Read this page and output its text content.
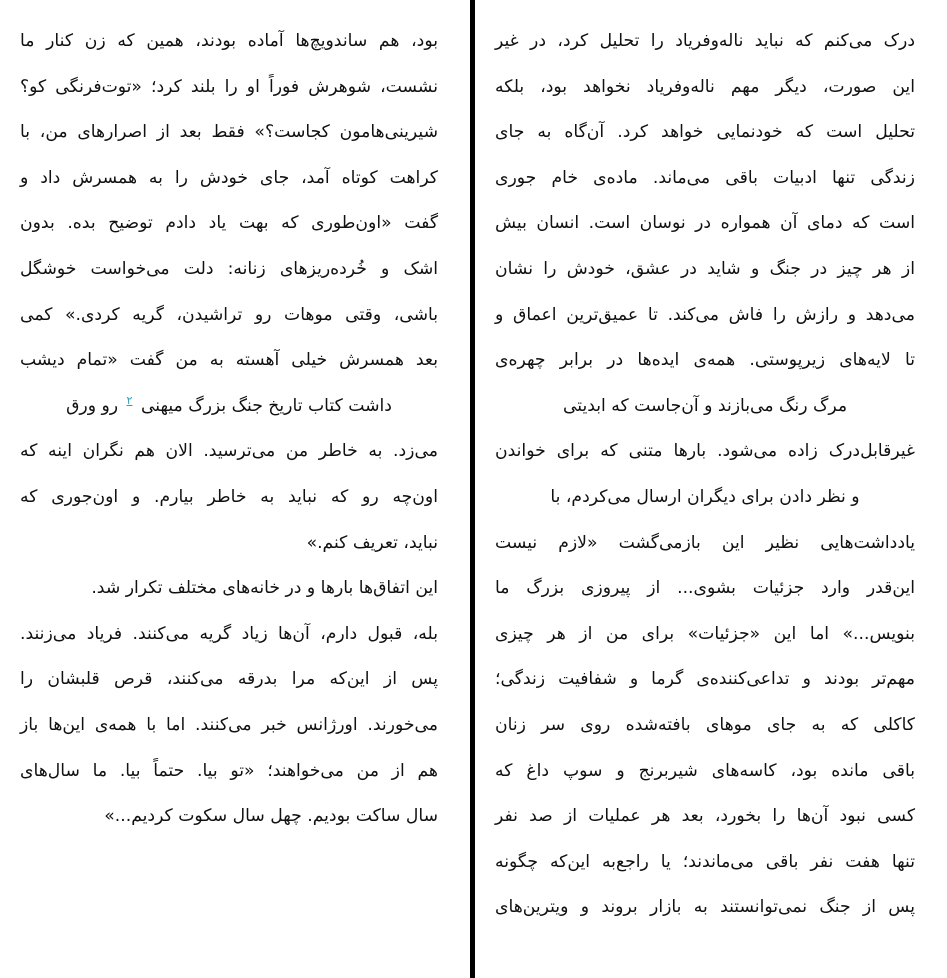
بود، هم ساندویچ‌ها آماده بودند، همین که زن کنار ما
نشست، شوهرش فوراً او را بلند کرد؛ «توت‌فرنگی کو؟
شیرینی‌هامون کجاست؟» فقط بعد از اصرارهای من، با
کراهت کوتاه آمد، جای خودش را به همسرش داد و
گفت «اون‌طوری که بهت یاد دادم توضیح بده. بدون
اشک و خُرده‌ریزهای زنانه: دلت می‌خواست خوشگل
باشی، وقتی موهات رو تراشیدن، گریه کردی.» کمی
بعد همسرش خیلی آهسته به من گفت «تمام دیشب
داشت کتاب تاریخ جنگ بزرگ میهنی $^٢$ رو ورق
می‌زد. به خاطر من می‌ترسید. الان هم نگران اینه که
اون‌چه رو که نباید به خاطر بیارم. و اون‌جوری که
نباید، تعریف کنم.»
این اتفاق‌ها بارها و در خانه‌های مختلف تکرار شد.
بله، قبول دارم، آن‌ها زیاد گریه می‌کنند. فریاد می‌زنند.
پس از این‌که مرا بدرقه می‌کنند، قرص قلبشان را
می‌خورند. اورژانس خبر می‌کنند. اما با همه‌ی این‌ها باز
هم از من می‌خواهند؛ «تو بیا. حتماً بیا. ما سال‌های
سال ساکت بودیم. چهل سال سکوت کردیم...»
درک می‌کنم که نباید ناله‌وفریاد را تحلیل کرد، در غیر
این صورت، دیگر مهم ناله‌وفریاد نخواهد بود، بلکه
تحلیل است که خودنمایی خواهد کرد. آن‌گاه به جای
زندگی تنها ادبیات باقی می‌ماند. ماده‌ی خام جوری
است که دمای آن همواره در نوسان است. انسان بیش
از هر چیز در جنگ و شاید در عشق، خودش را نشان
می‌دهد و رازش را فاش می‌کند. تا عمیق‌ترین اعماق و
تا لایه‌های زیرپوستی. همه‌ی ایده‌ها در برابر چهره‌ی
مرگ رنگ می‌بازند و آن‌جاست که ابدیتی
غیرقابل‌درک زاده می‌شود. بارها متنی که برای خواندن
و نظر دادن برای دیگران ارسال می‌کردم، با
یادداشت‌هایی نظیر این بازمی‌گشت «لازم نیست
این‌قدر وارد جزئیات بشوی... از پیروزی بزرگ ما
بنویس...» اما این «جزئیات» برای من از هر چیزی
مهم‌تر بودند و تداعی‌کننده‌ی گرما و شفافیت زندگی؛
کاکلی که به جای موهای بافته‌شده روی سر زنان
باقی مانده بود، کاسه‌های شیربرنج و سوپ داغ که
کسی نبود آن‌ها را بخورد، بعد هر عملیات از صد نفر
تنها هفت نفر باقی می‌ماندند؛ یا راجع‌به این‌که چگونه
پس از جنگ نمی‌توانستند به بازار بروند و ویترین‌های
